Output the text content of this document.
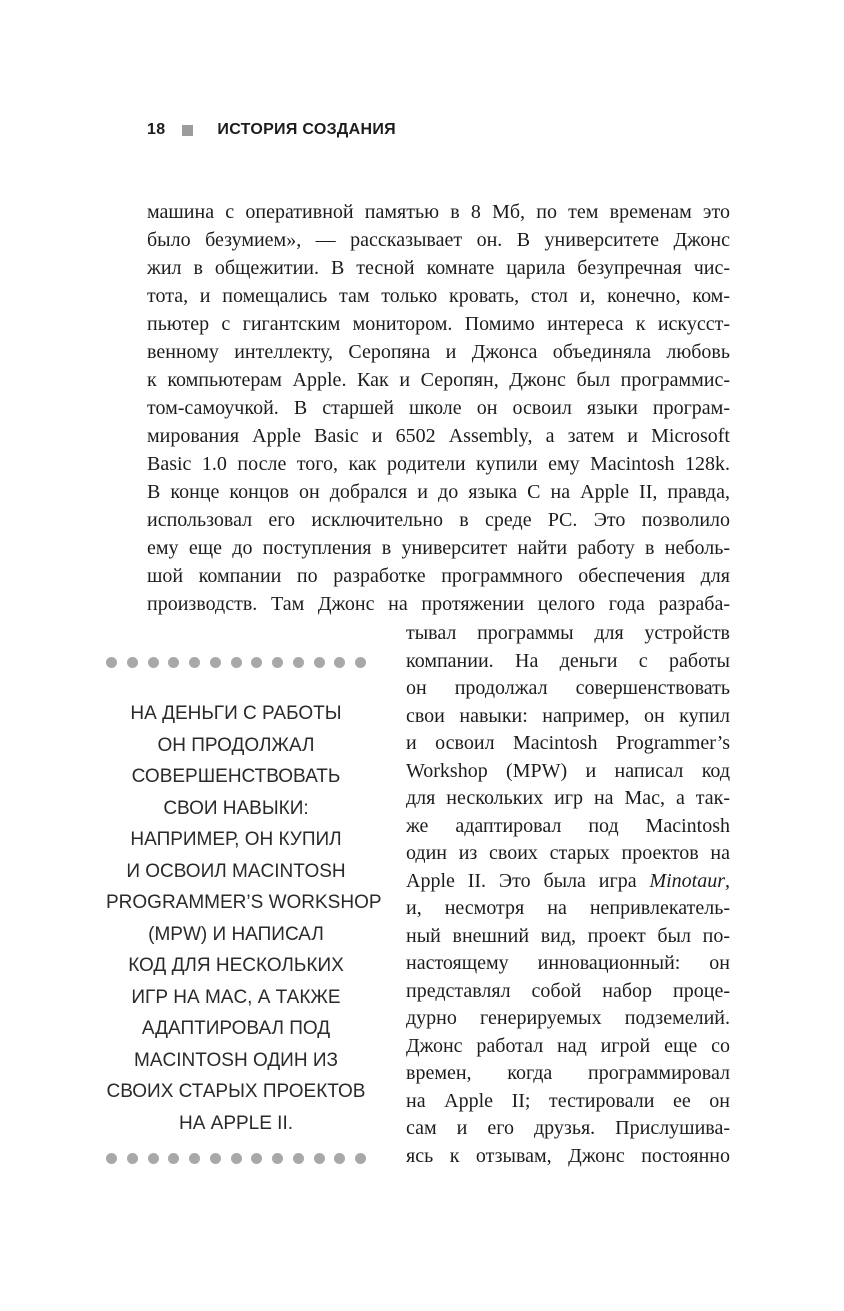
18	ИСТОРИЯ СОЗДАНИЯ
машина с оперативной памятью в 8 Мб, по тем временам это
было безумием», — рассказывает он. В университете Джонс
жил в общежитии. В тесной комнате царила безупречная чис-
тота, и помещались там только кровать, стол и, конечно, ком-
пьютер с гигантским монитором. Помимо интереса к искусст-
венному интеллекту, Серопяна и Джонса объединяла любовь
к компьютерам Apple. Как и Серопян, Джонс был программис-
том-самоучкой. В старшей школе он освоил языки програм-
мирования Apple Basic и 6502 Assembly, а затем и Microsoft
Basic 1.0 после того, как родители купили ему Macintosh 128k.
В конце концов он добрался и до языка C на Apple II, правда,
использовал его исключительно в среде PC. Это позволило
ему еще до поступления в университет найти работу в неболь-
шой компании по разработке программного обеспечения для
производств. Там Джонс на протяжении целого года разраба-
НА ДЕНЬГИ С РАБОТЫ
ОН ПРОДОЛЖАЛ
СОВЕРШЕНСТВОВАТЬ
СВОИ НАВЫКИ:
НАПРИМЕР, ОН КУПИЛ
И ОСВОИЛ MACINTOSH
PROGRAMMER’S WORKSHOP
(MPW) И НАПИСАЛ
КОД ДЛЯ НЕСКОЛЬКИХ
ИГР НА MAC, А ТАКЖЕ
АДАПТИРОВАЛ ПОД
MACINTOSH ОДИН ИЗ
СВОИХ СТАРЫХ ПРОЕКТОВ
НА APPLE II.
тывал программы для устройств
компании. На деньги с работы
он продолжал совершенствовать
свои навыки: например, он купил
и освоил Macintosh Programmer’s
Workshop (MPW) и написал код
для нескольких игр на Mac, а так-
же адаптировал под Macintosh
один из своих старых проектов на
Apple II. Это была игра Minotaur,
и, несмотря на непривлекатель-
ный внешний вид, проект был по-
настоящему инновационный: он
представлял собой набор проце-
дурно генерируемых подземелий.
Джонс работал над игрой еще со
времен, когда программировал
на Apple II; тестировали ее он
сам и его друзья. Прислушива-
ясь к отзывам, Джонс постоянно
